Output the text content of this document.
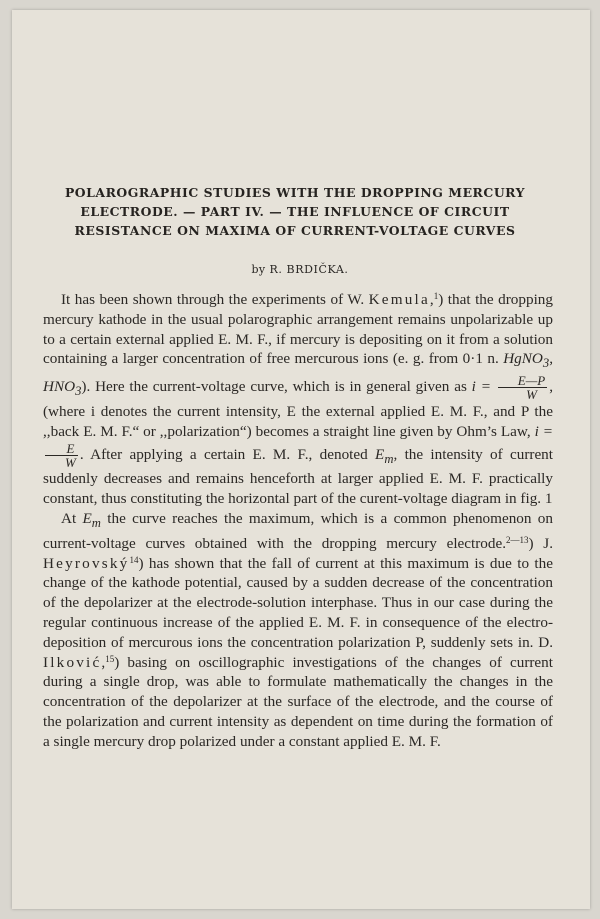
POLAROGRAPHIC STUDIES WITH THE DROPPING MERCURY
ELECTRODE. — PART IV. — THE INFLUENCE OF CIRCUIT
RESISTANCE ON MAXIMA OF CURRENT-VOLTAGE CURVES
by R. BRDIČKA.

It has been shown through the experiments of W. Kemula,$^1$) that the dropping mercury kathode in the usual polarographic arrangement remains unpolarizable up to a certain external applied E. M. F., if mercury is depositing on it from a solution containing a larger concentration of free mercurous ions (e. g. from 0·1 n. HgNO$_3$, $HNO_3$). Here the current-voltage curve, which is in general given as $i = \frac{E—P}{W}$ , (where i denotes the current intensity, E the external applied E. M. F., and P the ,,back E. M. F.“ or ,,polarization“) becomes a straight line given by Ohm’s Law, i =
$\frac{E}{W}$ . After applying a certain E. M. F., denoted $E_m$, the intensity of current suddenly decreases and remains henceforth at larger applied E. M. F. practically constant, thus constituting the horizontal part of the curent-voltage diagram in fig. 1

At $E_m$ the curve reaches the maximum, which is a common phenomenon on current-voltage curves obtained with the dropping mercury electrode.$^{2—13}$) J. Heyrovský$^{14}$) has shown that the fall of current at this maximum is due to the change of the kathode potential, caused by a sudden decrease of the concentration of the depolarizer at the electrode-solution interphase. Thus in our case during the regular continuous increase of the applied E. M. F. in consequence of the electro-deposition of mercurous ions the concentration polarization P, suddenly sets in. D. Ilković,$^{15}$) basing on oscillographic investigations of the changes of current during a single drop, was able to formulate mathematically the changes in the concentration of the depolarizer at the surface of the electrode, and the course of the polarization and current intensity as dependent on time during the formation of a single mercury drop polarized under a constant applied E. M. F.
